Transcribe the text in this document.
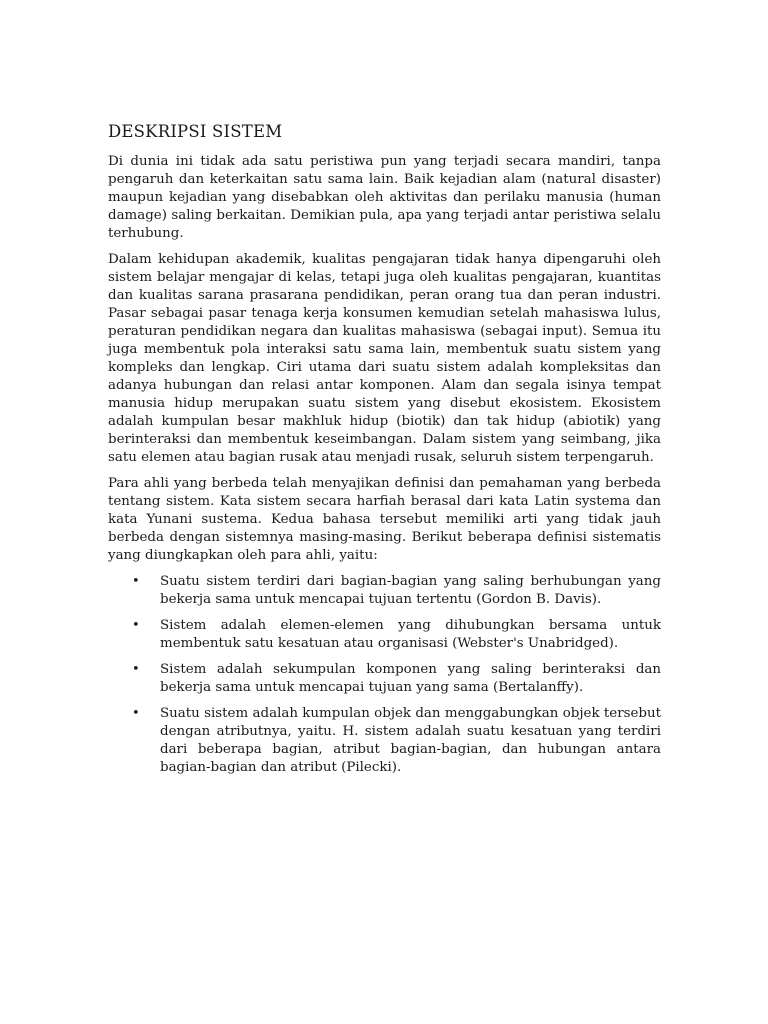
DESKRIPSI SISTEM

Di dunia ini tidak ada satu peristiwa pun yang terjadi secara mandiri, tanpa pengaruh dan keterkaitan satu sama lain. Baik kejadian alam (natural disaster) maupun kejadian yang disebabkan oleh aktivitas dan perilaku manusia (human damage) saling berkaitan. Demikian pula, apa yang terjadi antar peristiwa selalu terhubung.

Dalam kehidupan akademik, kualitas pengajaran tidak hanya dipengaruhi oleh sistem belajar mengajar di kelas, tetapi juga oleh kualitas pengajaran, kuantitas dan kualitas sarana prasarana pendidikan, peran orang tua dan peran industri. Pasar sebagai pasar tenaga kerja konsumen kemudian setelah mahasiswa lulus, peraturan pendidikan negara dan kualitas mahasiswa (sebagai input). Semua itu juga membentuk pola interaksi satu sama lain, membentuk suatu sistem yang kompleks dan lengkap. Ciri utama dari suatu sistem adalah kompleksitas dan adanya hubungan dan relasi antar komponen. Alam dan segala isinya tempat manusia hidup merupakan suatu sistem yang disebut ekosistem. Ekosistem adalah kumpulan besar makhluk hidup (biotik) dan tak hidup (abiotik) yang berinteraksi dan membentuk keseimbangan. Dalam sistem yang seimbang, jika satu elemen atau bagian rusak atau menjadi rusak, seluruh sistem terpengaruh.

Para ahli yang berbeda telah menyajikan definisi dan pemahaman yang berbeda tentang sistem. Kata sistem secara harfiah berasal dari kata Latin systema dan kata Yunani sustema. Kedua bahasa tersebut memiliki arti yang tidak jauh berbeda dengan sistemnya masing-masing. Berikut beberapa definisi sistematis yang diungkapkan oleh para ahli, yaitu:

• Suatu sistem terdiri dari bagian-bagian yang saling berhubungan yang bekerja sama untuk mencapai tujuan tertentu (Gordon B. Davis).
• Sistem adalah elemen-elemen yang dihubungkan bersama untuk membentuk satu kesatuan atau organisasi (Webster's Unabridged).
• Sistem adalah sekumpulan komponen yang saling berinteraksi dan bekerja sama untuk mencapai tujuan yang sama (Bertalanffy).
• Suatu sistem adalah kumpulan objek dan menggabungkan objek tersebut dengan atributnya, yaitu. H. sistem adalah suatu kesatuan yang terdiri dari beberapa bagian, atribut bagian-bagian, dan hubungan antara bagian-bagian dan atribut (Pilecki).
